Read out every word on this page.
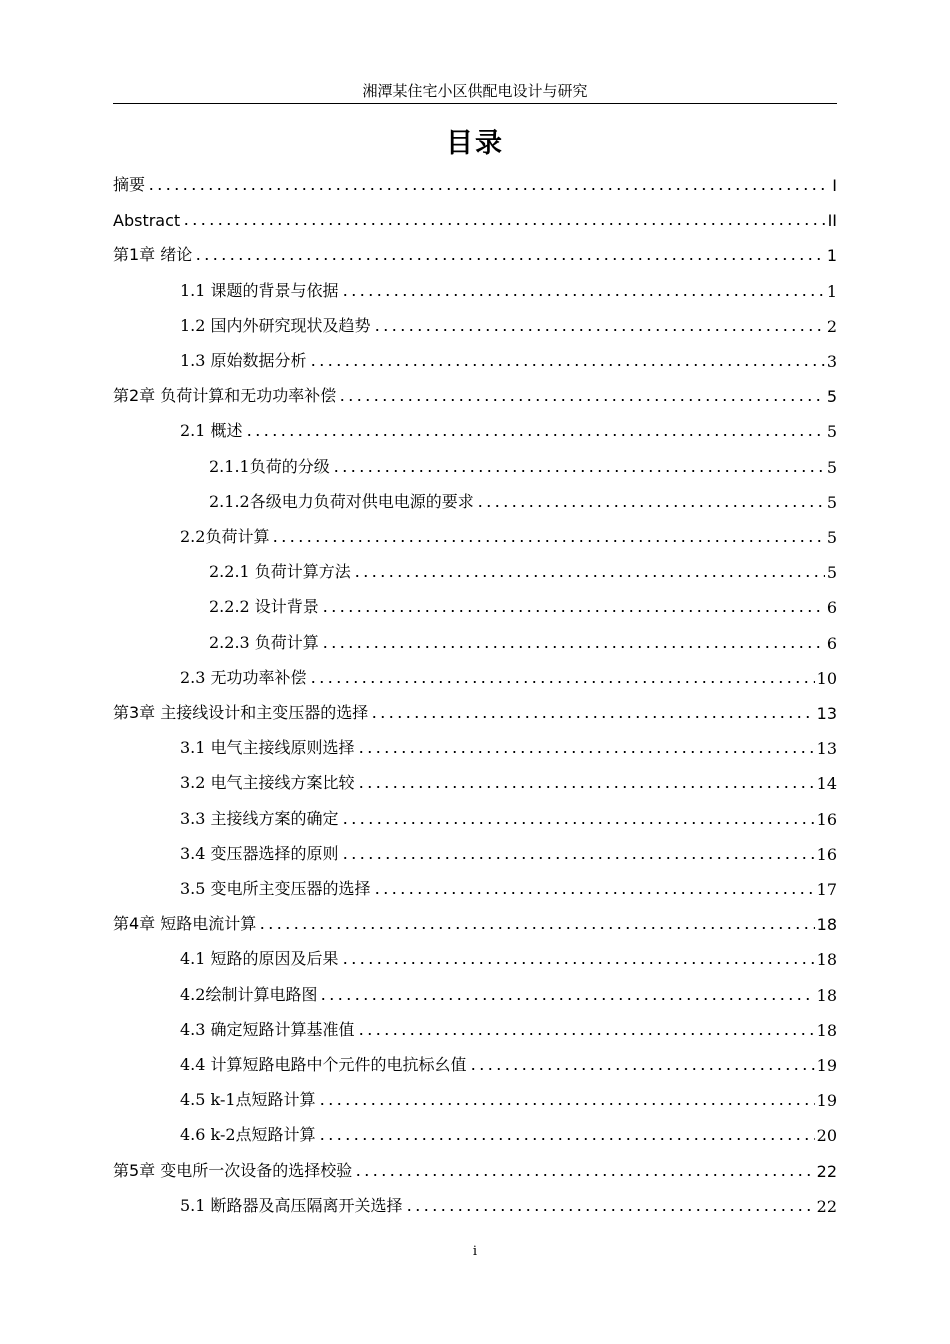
湘潭某住宅小区供配电设计与研究
目录
摘要	I
Abstract	II
第1章 绪论	1
1.1 课题的背景与依据	1
1.2 国内外研究现状及趋势	2
1.3 原始数据分析	3
第2章 负荷计算和无功功率补偿	5
2.1 概述	5
2.1.1负荷的分级	5
2.1.2各级电力负荷对供电电源的要求	5
2.2负荷计算	5
2.2.1 负荷计算方法	5
2.2.2 设计背景	6
2.2.3 负荷计算	6
2.3 无功功率补偿	10
第3章 主接线设计和主变压器的选择	13
3.1 电气主接线原则选择	13
3.2 电气主接线方案比较	14
3.3 主接线方案的确定	16
3.4 变压器选择的原则	16
3.5 变电所主变压器的选择	17
第4章 短路电流计算	18
4.1 短路的原因及后果	18
4.2绘制计算电路图	18
4.3 确定短路计算基准值	18
4.4 计算短路电路中个元件的电抗标幺值	19
4.5 k-1点短路计算	19
4.6 k-2点短路计算	20
第5章 变电所一次设备的选择校验	22
5.1 断路器及高压隔离开关选择	22
i
